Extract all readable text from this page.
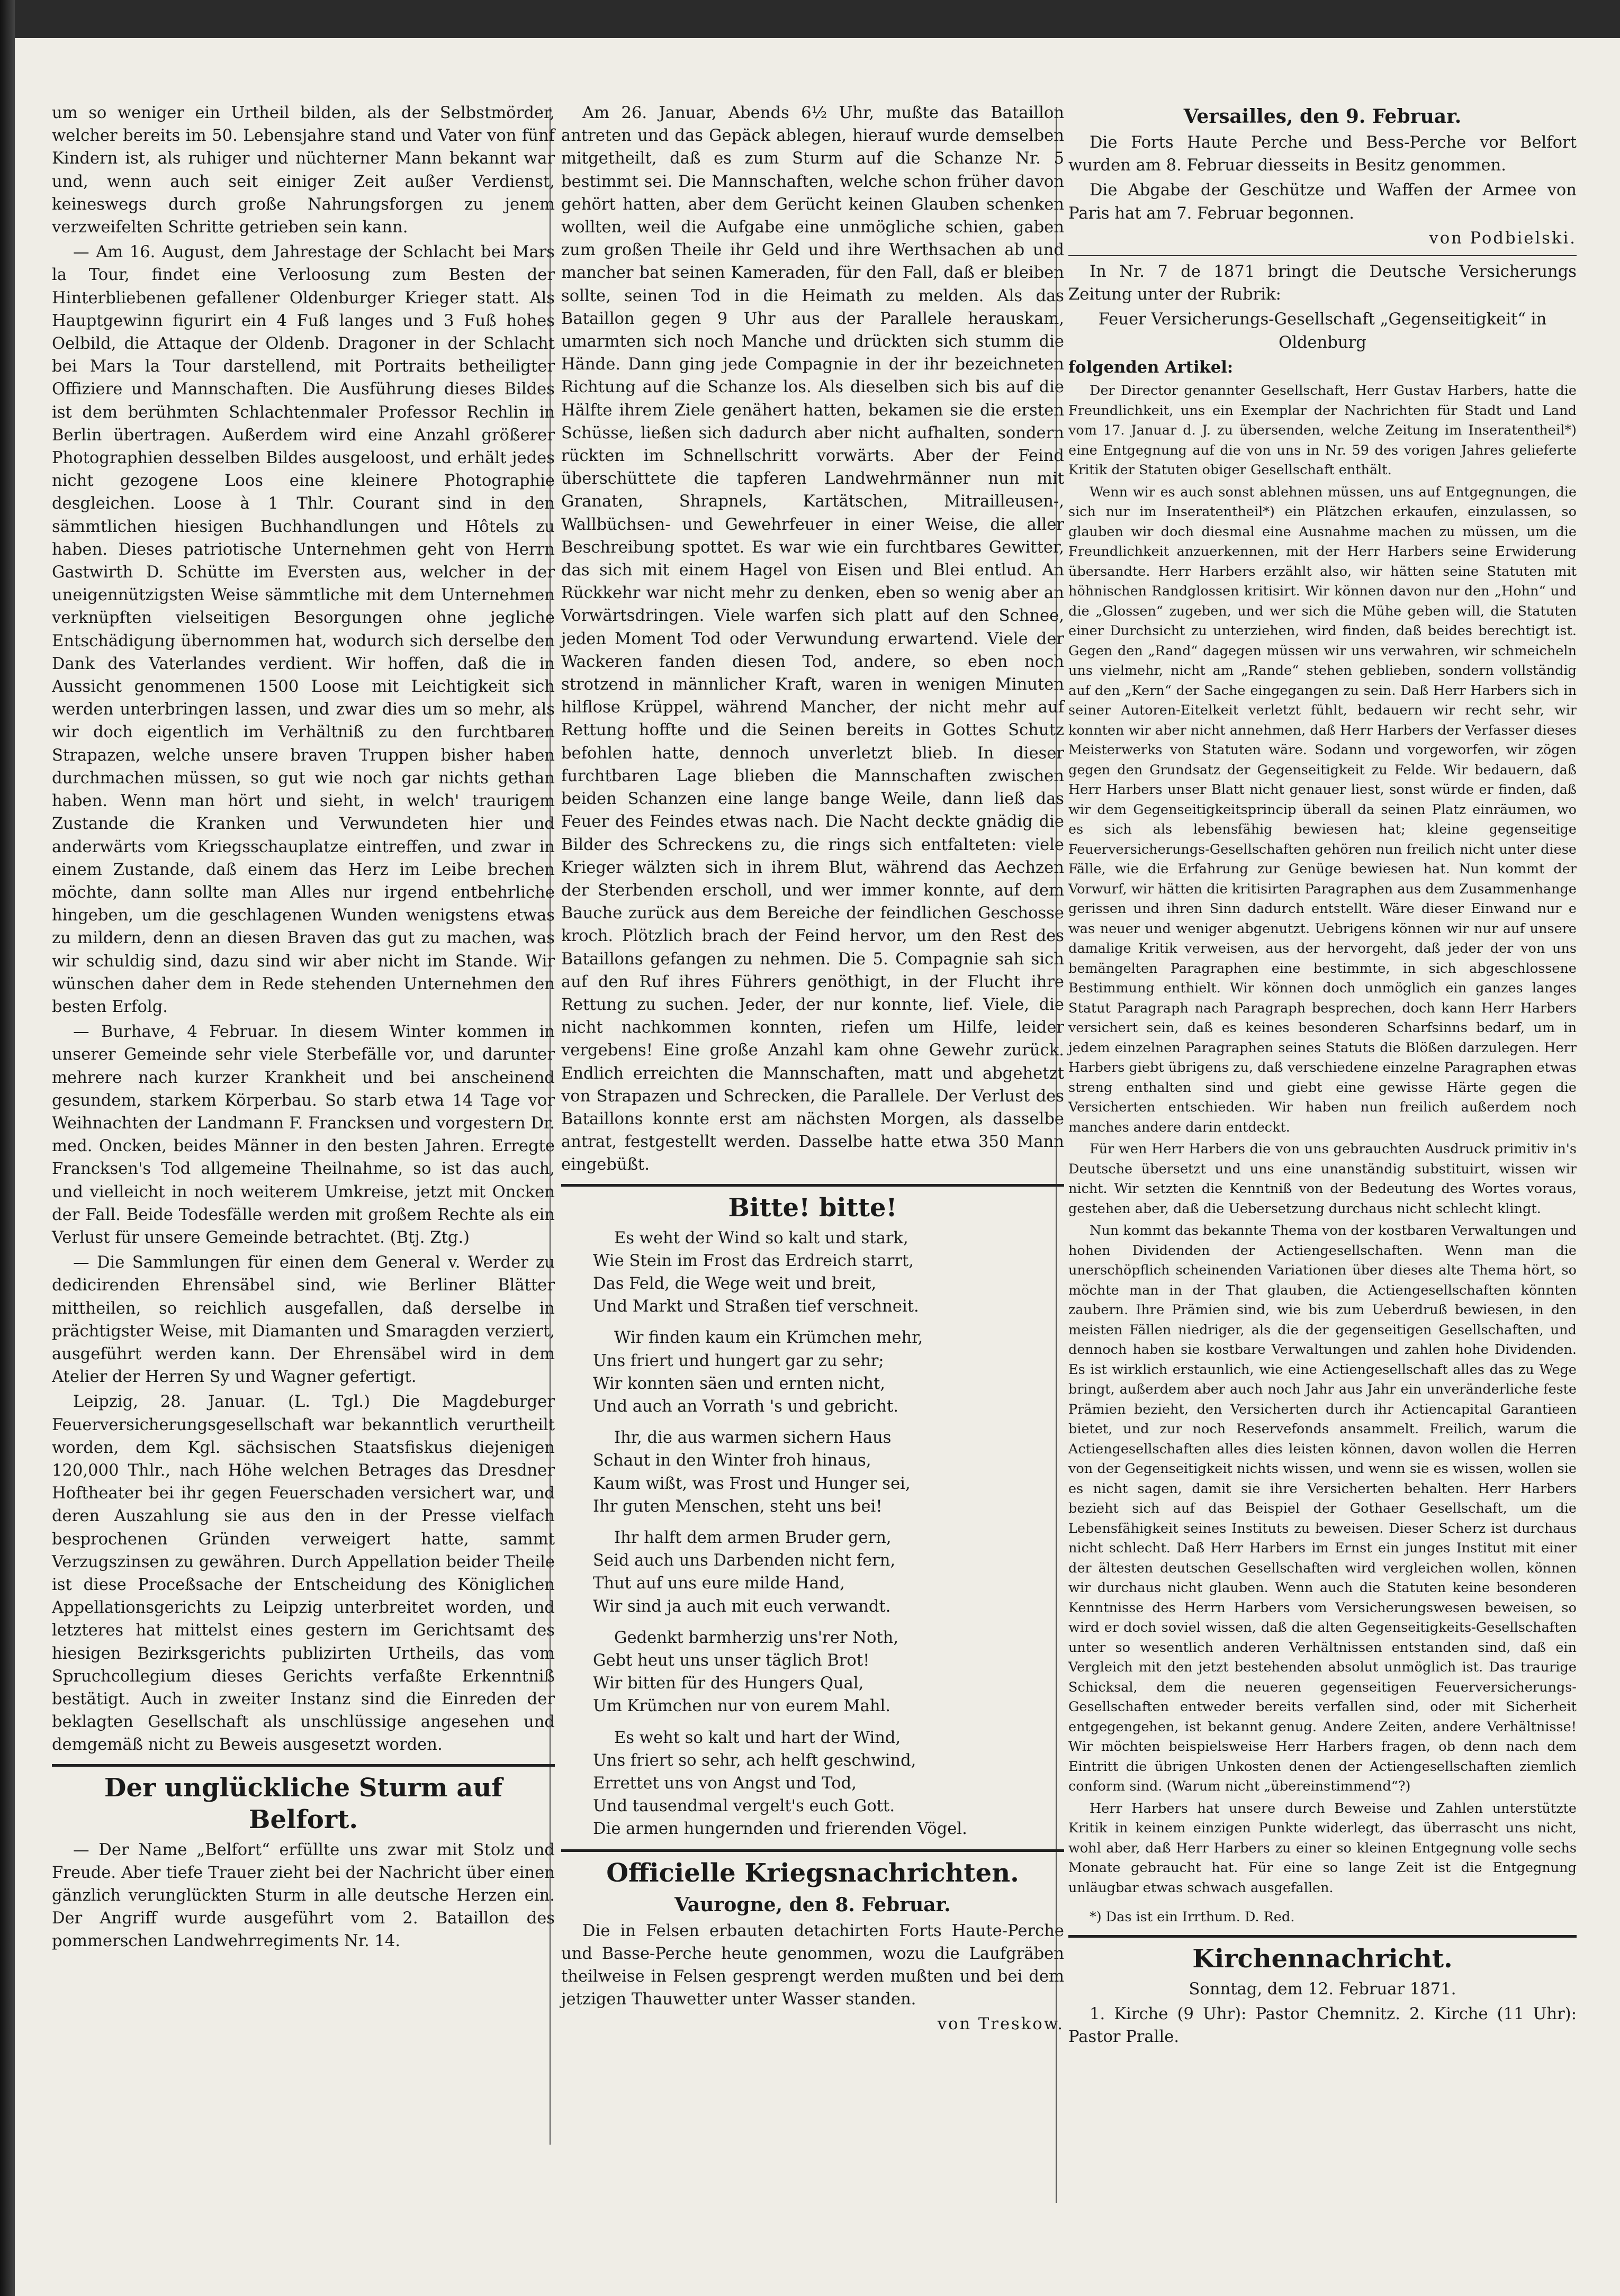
um so weniger ein Urtheil bilden, als der Selbstmörder, welcher bereits im 50. Lebensjahre stand und Vater von fünf Kindern ist, als ruhiger und nüchterner Mann bekannt war und, wenn auch seit einiger Zeit außer Verdienst, keineswegs durch große Nahrungsforgen zu jenem verzweifelten Schritte getrieben sein kann.

— Am 16. August, dem Jahrestage der Schlacht bei Mars la Tour, findet eine Verloosung zum Besten der Hinterbliebenen gefallener Oldenburger Krieger statt. Als Hauptgewinn figurirt ein 4 Fuß langes und 3 Fuß hohes Oelbild, die Attaque der Oldenb. Dragoner in der Schlacht bei Mars la Tour darstellend, mit Portraits betheiligter Offiziere und Mannschaften. Die Ausführung dieses Bildes ist dem berühmten Schlachtenmaler Professor Rechlin in Berlin übertragen. Außerdem wird eine Anzahl größerer Photographien desselben Bildes ausgeloost, und erhält jedes nicht gezogene Loos eine kleinere Photographie desgleichen. Loose à 1 Thlr. Courant sind in den sämmtlichen hiesigen Buchhandlungen und Hôtels zu haben. Dieses patriotische Unternehmen geht von Herrn Gastwirth D. Schütte im Eversten aus, welcher in der uneigennützigsten Weise sämmtliche mit dem Unternehmen verknüpften vielseitigen Besorgungen ohne jegliche Entschädigung übernommen hat, wodurch sich derselbe den Dank des Vaterlandes verdient. Wir hoffen, daß die in Aussicht genommenen 1500 Loose mit Leichtigkeit sich werden unterbringen lassen, und zwar dies um so mehr, als wir doch eigentlich im Verhältniß zu den furchtbaren Strapazen, welche unsere braven Truppen bisher haben durchmachen müssen, so gut wie noch gar nichts gethan haben. Wenn man hört und sieht, in welch' traurigem Zustande die Kranken und Verwundeten hier und anderwärts vom Kriegsschauplatze eintreffen, und zwar in einem Zustande, daß einem das Herz im Leibe brechen möchte, dann sollte man Alles nur irgend entbehrliche hingeben, um die geschlagenen Wunden wenigstens etwas zu mildern, denn an diesen Braven das gut zu machen, was wir schuldig sind, dazu sind wir aber nicht im Stande. Wir wünschen daher dem in Rede stehenden Unternehmen den besten Erfolg.

— Burhave, 4 Februar. In diesem Winter kommen in unserer Gemeinde sehr viele Sterbefälle vor, und darunter mehrere nach kurzer Krankheit und bei anscheinend gesundem, starkem Körperbau. So starb etwa 14 Tage vor Weihnachten der Landmann F. Francksen und vorgestern Dr. med. Oncken, beides Männer in den besten Jahren. Erregte Francksen's Tod allgemeine Theilnahme, so ist das auch, und vielleicht in noch weiterem Umkreise, jetzt mit Oncken der Fall. Beide Todesfälle werden mit großem Rechte als ein Verlust für unsere Gemeinde betrachtet. (Btj. Ztg.)

— Die Sammlungen für einen dem General v. Werder zu dedicirenden Ehrensäbel sind, wie Berliner Blätter mittheilen, so reichlich ausgefallen, daß derselbe in prächtigster Weise, mit Diamanten und Smaragden verziert, ausgeführt werden kann. Der Ehrensäbel wird in dem Atelier der Herren Sy und Wagner gefertigt.

Leipzig, 28. Januar. (L. Tgl.) Die Magdeburger Feuerversicherungsgesellschaft war bekanntlich verurtheilt worden, dem Kgl. sächsischen Staatsfiskus diejenigen 120,000 Thlr., nach Höhe welchen Betrages das Dresdner Hoftheater bei ihr gegen Feuerschaden versichert war, und deren Auszahlung sie aus den in der Presse vielfach besprochenen Gründen verweigert hatte, sammt Verzugszinsen zu gewähren. Durch Appellation beider Theile ist diese Proceßsache der Entscheidung des Königlichen Appellationsgerichts zu Leipzig unterbreitet worden, und letzteres hat mittelst eines gestern im Gerichtsamt des hiesigen Bezirksgerichts publizirten Urtheils, das vom Spruchcollegium dieses Gerichts verfaßte Erkenntniß bestätigt. Auch in zweiter Instanz sind die Einreden der beklagten Gesellschaft als unschlüssige angesehen und demgemäß nicht zu Beweis ausgesetzt worden.

Der unglückliche Sturm auf Belfort.

— Der Name „Belfort“ erfüllte uns zwar mit Stolz und Freude. Aber tiefe Trauer zieht bei der Nachricht über einen gänzlich verunglückten Sturm in alle deutsche Herzen ein. Der Angriff wurde ausgeführt vom 2. Bataillon des pommerschen Landwehrregiments Nr. 14.

Am 26. Januar, Abends 6½ Uhr, mußte das Bataillon antreten und das Gepäck ablegen, hierauf wurde demselben mitgetheilt, daß es zum Sturm auf die Schanze Nr. 5 bestimmt sei. Die Mannschaften, welche schon früher davon gehört hatten, aber dem Gerücht keinen Glauben schenken wollten, weil die Aufgabe eine unmögliche schien, gaben zum großen Theile ihr Geld und ihre Werthsachen ab und mancher bat seinen Kameraden, für den Fall, daß er bleiben sollte, seinen Tod in die Heimath zu melden. Als das Bataillon gegen 9 Uhr aus der Parallele herauskam, umarmten sich noch Manche und drückten sich stumm die Hände. Dann ging jede Compagnie in der ihr bezeichneten Richtung auf die Schanze los. Als dieselben sich bis auf die Hälfte ihrem Ziele genähert hatten, bekamen sie die ersten Schüsse, ließen sich dadurch aber nicht aufhalten, sondern rückten im Schnellschritt vorwärts. Aber der Feind überschüttete die tapferen Landwehrmänner nun mit Granaten, Shrapnels, Kartätschen, Mitrailleusen-, Wallbüchsen- und Gewehrfeuer in einer Weise, die aller Beschreibung spottet. Es war wie ein furchtbares Gewitter, das sich mit einem Hagel von Eisen und Blei entlud. An Rückkehr war nicht mehr zu denken, eben so wenig aber an Vorwärtsdringen. Viele warfen sich platt auf den Schnee, jeden Moment Tod oder Verwundung erwartend. Viele der Wackeren fanden diesen Tod, andere, so eben noch strotzend in männlicher Kraft, waren in wenigen Minuten hilflose Krüppel, während Mancher, der nicht mehr auf Rettung hoffte und die Seinen bereits in Gottes Schutz befohlen hatte, dennoch unverletzt blieb. In dieser furchtbaren Lage blieben die Mannschaften zwischen beiden Schanzen eine lange bange Weile, dann ließ das Feuer des Feindes etwas nach. Die Nacht deckte gnädig die Bilder des Schreckens zu, die rings sich entfalteten: viele Krieger wälzten sich in ihrem Blut, während das Aechzen der Sterbenden erscholl, und wer immer konnte, auf dem Bauche zurück aus dem Bereiche der feindlichen Geschosse kroch. Plötzlich brach der Feind hervor, um den Rest des Bataillons gefangen zu nehmen. Die 5. Compagnie sah sich auf den Ruf ihres Führers genöthigt, in der Flucht ihre Rettung zu suchen. Jeder, der nur konnte, lief. Viele, die nicht nachkommen konnten, riefen um Hilfe, leider vergebens! Eine große Anzahl kam ohne Gewehr zurück. Endlich erreichten die Mannschaften, matt und abgehetzt von Strapazen und Schrecken, die Parallele. Der Verlust des Bataillons konnte erst am nächsten Morgen, als dasselbe antrat, festgestellt werden. Dasselbe hatte etwa 350 Mann eingebüßt.

Bitte! bitte!

Es weht der Wind so kalt und stark,

Wie Stein im Frost das Erdreich starrt,

Das Feld, die Wege weit und breit,

Und Markt und Straßen tief verschneit.

Wir finden kaum ein Krümchen mehr,

Uns friert und hungert gar zu sehr;

Wir konnten säen und ernten nicht,

Und auch an Vorrath 's und gebricht.

Ihr, die aus warmen sichern Haus

Schaut in den Winter froh hinaus,

Kaum wißt, was Frost und Hunger sei,

Ihr guten Menschen, steht uns bei!

Ihr halft dem armen Bruder gern,

Seid auch uns Darbenden nicht fern,

Thut auf uns eure milde Hand,

Wir sind ja auch mit euch verwandt.

Gedenkt barmherzig uns'rer Noth,

Gebt heut uns unser täglich Brot!

Wir bitten für des Hungers Qual,

Um Krümchen nur von eurem Mahl.

Es weht so kalt und hart der Wind,

Uns friert so sehr, ach helft geschwind,

Errettet uns von Angst und Tod,

Und tausendmal vergelt's euch Gott.

Die armen hungernden und frierenden Vögel.

Officielle Kriegsnachrichten.
Vaurogne, den 8. Februar.

Die in Felsen erbauten detachirten Forts Haute-Perche und Basse-Perche heute genommen, wozu die Laufgräben theilweise in Felsen gesprengt werden mußten und bei dem jetzigen Thauwetter unter Wasser standen.

von Treskow.

Versailles, den 9. Februar.

Die Forts Haute Perche und Bess-Perche vor Belfort wurden am 8. Februar diesseits in Besitz genommen.

Die Abgabe der Geschütze und Waffen der Armee von Paris hat am 7. Februar begonnen.

von Podbielski.

In Nr. 7 de 1871 bringt die Deutsche Versicherungs Zeitung unter der Rubrik:

Feuer Versicherungs-Gesellschaft „Gegenseitigkeit“ in Oldenburg

folgenden Artikel:

Der Director genannter Gesellschaft, Herr Gustav Harbers, hatte die Freundlichkeit, uns ein Exemplar der Nachrichten für Stadt und Land vom 17. Januar d. J. zu übersenden, welche Zeitung im Inseratentheil*) eine Entgegnung auf die von uns in Nr. 59 des vorigen Jahres gelieferte Kritik der Statuten obiger Gesellschaft enthält.

Wenn wir es auch sonst ablehnen müssen, uns auf Entgegnungen, die sich nur im Inseratentheil*) ein Plätzchen erkaufen, einzulassen, so glauben wir doch diesmal eine Ausnahme machen zu müssen, um die Freundlichkeit anzuerkennen, mit der Herr Harbers seine Erwiderung übersandte. Herr Harbers erzählt also, wir hätten seine Statuten mit höhnischen Randglossen kritisirt. Wir können davon nur den „Hohn“ und die „Glossen“ zugeben, und wer sich die Mühe geben will, die Statuten einer Durchsicht zu unterziehen, wird finden, daß beides berechtigt ist. Gegen den „Rand“ dagegen müssen wir uns verwahren, wir schmeicheln uns vielmehr, nicht am „Rande“ stehen geblieben, sondern vollständig auf den „Kern“ der Sache eingegangen zu sein. Daß Herr Harbers sich in seiner Autoren-Eitelkeit verletzt fühlt, bedauern wir recht sehr, wir konnten wir aber nicht annehmen, daß Herr Harbers der Verfasser dieses Meisterwerks von Statuten wäre. Sodann und vorgeworfen, wir zögen gegen den Grundsatz der Gegenseitigkeit zu Felde. Wir bedauern, daß Herr Harbers unser Blatt nicht genauer liest, sonst würde er finden, daß wir dem Gegenseitigkeitsprincip überall da seinen Platz einräumen, wo es sich als lebensfähig bewiesen hat; kleine gegenseitige Feuerversicherungs-Gesellschaften gehören nun freilich nicht unter diese Fälle, wie die Erfahrung zur Genüge bewiesen hat. Nun kommt der Vorwurf, wir hätten die kritisirten Paragraphen aus dem Zusammenhange gerissen und ihren Sinn dadurch entstellt. Wäre dieser Einwand nur e was neuer und weniger abgenutzt. Uebrigens können wir nur auf unsere damalige Kritik verweisen, aus der hervorgeht, daß jeder der von uns bemängelten Paragraphen eine bestimmte, in sich abgeschlossene Bestimmung enthielt. Wir können doch unmöglich ein ganzes langes Statut Paragraph nach Paragraph besprechen, doch kann Herr Harbers versichert sein, daß es keines besonderen Scharfsinns bedarf, um in jedem einzelnen Paragraphen seines Statuts die Blößen darzulegen. Herr Harbers giebt übrigens zu, daß verschiedene einzelne Paragraphen etwas streng enthalten sind und giebt eine gewisse Härte gegen die Versicherten entschieden. Wir haben nun freilich außerdem noch manches andere darin entdeckt.

Für wen Herr Harbers die von uns gebrauchten Ausdruck primitiv in's Deutsche übersetzt und uns eine unanständig substituirt, wissen wir nicht. Wir setzten die Kenntniß von der Bedeutung des Wortes voraus, gestehen aber, daß die Uebersetzung durchaus nicht schlecht klingt.

Nun kommt das bekannte Thema von der kostbaren Verwaltungen und hohen Dividenden der Actiengesellschaften. Wenn man die unerschöpflich scheinenden Variationen über dieses alte Thema hört, so möchte man in der That glauben, die Actiengesellschaften könnten zaubern. Ihre Prämien sind, wie bis zum Ueberdruß bewiesen, in den meisten Fällen niedriger, als die der gegenseitigen Gesellschaften, und dennoch haben sie kostbare Verwaltungen und zahlen hohe Dividenden. Es ist wirklich erstaunlich, wie eine Actiengesellschaft alles das zu Wege bringt, außerdem aber auch noch Jahr aus Jahr ein unveränderliche feste Prämien bezieht, den Versicherten durch ihr Actiencapital Garantieen bietet, und zur noch Reservefonds ansammelt. Freilich, warum die Actiengesellschaften alles dies leisten können, davon wollen die Herren von der Gegenseitigkeit nichts wissen, und wenn sie es wissen, wollen sie es nicht sagen, damit sie ihre Versicherten behalten. Herr Harbers bezieht sich auf das Beispiel der Gothaer Gesellschaft, um die Lebensfähigkeit seines Instituts zu beweisen. Dieser Scherz ist durchaus nicht schlecht. Daß Herr Harbers im Ernst ein junges Institut mit einer der ältesten deutschen Gesellschaften wird vergleichen wollen, können wir durchaus nicht glauben. Wenn auch die Statuten keine besonderen Kenntnisse des Herrn Harbers vom Versicherungswesen beweisen, so wird er doch soviel wissen, daß die alten Gegenseitigkeits-Gesellschaften unter so wesentlich anderen Verhältnissen entstanden sind, daß ein Vergleich mit den jetzt bestehenden absolut unmöglich ist. Das traurige Schicksal, dem die neueren gegenseitigen Feuerversicherungs-Gesellschaften entweder bereits verfallen sind, oder mit Sicherheit entgegengehen, ist bekannt genug. Andere Zeiten, andere Verhältnisse! Wir möchten beispielsweise Herr Harbers fragen, ob denn nach dem Eintritt die übrigen Unkosten denen der Actiengesellschaften ziemlich conform sind. (Warum nicht „übereinstimmend“?)

Herr Harbers hat unsere durch Beweise und Zahlen unterstützte Kritik in keinem einzigen Punkte widerlegt, das überrascht uns nicht, wohl aber, daß Herr Harbers zu einer so kleinen Entgegnung volle sechs Monate gebraucht hat. Für eine so lange Zeit ist die Entgegnung unläugbar etwas schwach ausgefallen.

*) Das ist ein Irrthum. D. Red.

Kirchennachricht.

Sonntag, dem 12. Februar 1871.

1. Kirche (9 Uhr): Pastor Chemnitz. 2. Kirche (11 Uhr): Pastor Pralle.
